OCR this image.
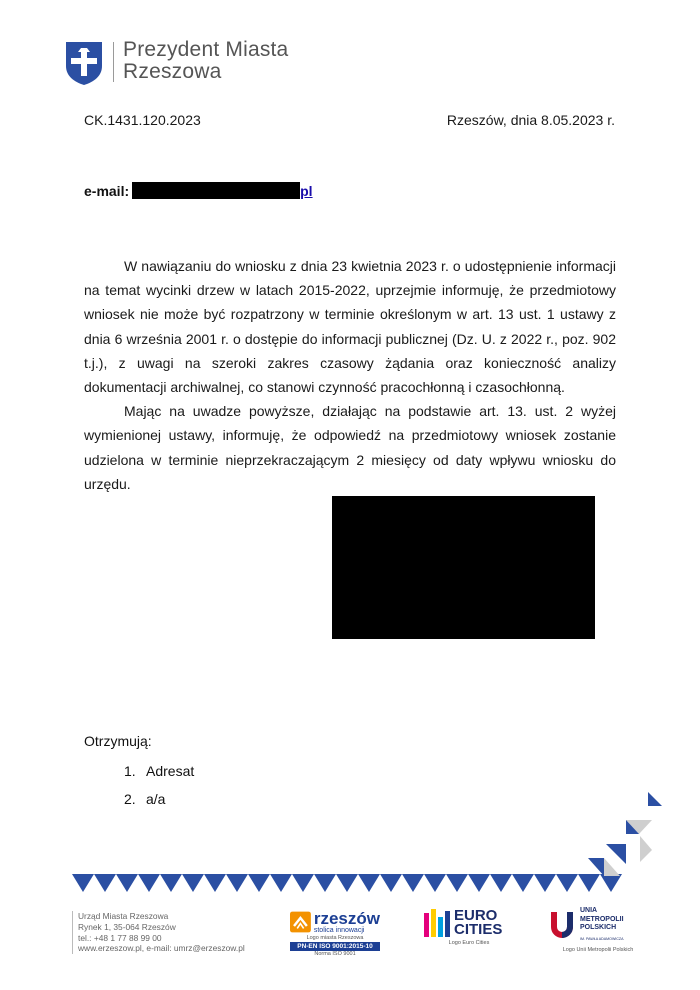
Prezydent Miasta
Rzeszowa
CK.1431.120.2023	Rzeszów, dnia 8.05.2023 r.
e-mail:	pl

W nawiązaniu do wniosku z dnia 23 kwietnia 2023 r. o udostępnienie informacji na temat wycinki drzew w latach 2015-2022, uprzejmie informuję, że przedmiotowy wniosek nie może być rozpatrzony w terminie określonym w art. 13 ust. 1 ustawy z dnia 6 września 2001 r. o dostępie do informacji publicznej (Dz. U. z 2022 r., poz. 902 t.j.), z uwagi na szeroki zakres czasowy żądania oraz konieczność analizy dokumentacji archiwalnej, co stanowi czynność pracochłonną i czasochłonną.

Mając na uwadze powyższe, działając na podstawie art. 13. ust. 2 wyżej wymienionej ustawy, informuję, że odpowiedź na przedmiotowy wniosek zostanie udzielona w terminie nieprzekraczającym 2 miesięcy od daty wpływu wniosku do urzędu.

Otrzymują:
1. Adresat
2. a/a
Urząd Miasta Rzeszowa
Rynek 1, 35-064 Rzeszów
tel.: +48 1 77 88 99 00
www.erzeszow.pl, e-mail: umrz@erzeszow.pl
rzeszów
stolica innowacji
Logo miasta Rzeszowa
PN-EN ISO 9001:2015-10
Norma ISO 9001
EURO
CITIES
Logo Euro Cities
UNIA
METROPOLII
POLSKICH
IM. PAWŁA ADAMOWICZA
Logo Unii Metropolii Polskich
